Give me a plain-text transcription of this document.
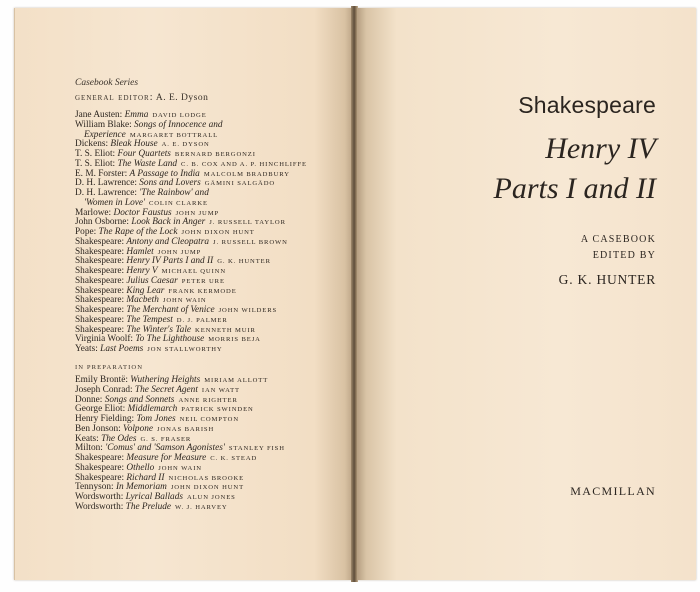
Casebook Series
general editor: A. E. Dyson
Jane Austen: Emma DAVID LODGE
William Blake: Songs of Innocence and
Experience MARGARET BOTTRALL
Dickens: Bleak House A. E. DYSON
T. S. Eliot: Four Quartets BERNARD BERGONZI
T. S. Eliot: The Waste Land C. B. COX AND A. P. HINCHLIFFE
E. M. Forster: A Passage to India MALCOLM BRADBURY
D. H. Lawrence: Sons and Lovers GĀMINI SALGĀDO
D. H. Lawrence: 'The Rainbow' and
'Women in Love' COLIN CLARKE
Marlowe: Doctor Faustus JOHN JUMP
John Osborne: Look Back in Anger J. RUSSELL TAYLOR
Pope: The Rape of the Lock JOHN DIXON HUNT
Shakespeare: Antony and Cleopatra J. RUSSELL BROWN
Shakespeare: Hamlet JOHN JUMP
Shakespeare: Henry IV Parts I and II G. K. HUNTER
Shakespeare: Henry V MICHAEL QUINN
Shakespeare: Julius Caesar PETER URE
Shakespeare: King Lear FRANK KERMODE
Shakespeare: Macbeth JOHN WAIN
Shakespeare: The Merchant of Venice JOHN WILDERS
Shakespeare: The Tempest D. J. PALMER
Shakespeare: The Winter's Tale KENNETH MUIR
Virginia Woolf: To The Lighthouse MORRIS BEJA
Yeats: Last Poems JON STALLWORTHY
IN PREPARATION
Emily Brontë: Wuthering Heights MIRIAM ALLOTT
Joseph Conrad: The Secret Agent IAN WATT
Donne: Songs and Sonnets ANNE RIGHTER
George Eliot: Middlemarch PATRICK SWINDEN
Henry Fielding: Tom Jones NEIL COMPTON
Ben Jonson: Volpone JONAS BARISH
Keats: The Odes G. S. FRASER
Milton: 'Comus' and 'Samson Agonistes' STANLEY FISH
Shakespeare: Measure for Measure C. K. STEAD
Shakespeare: Othello JOHN WAIN
Shakespeare: Richard II NICHOLAS BROOKE
Tennyson: In Memoriam JOHN DIXON HUNT
Wordsworth: Lyrical Ballads ALUN JONES
Wordsworth: The Prelude W. J. HARVEY
Shakespeare
Henry IV
Parts I and II
A CASEBOOK
EDITED BY
G. K. HUNTER
MACMILLAN
